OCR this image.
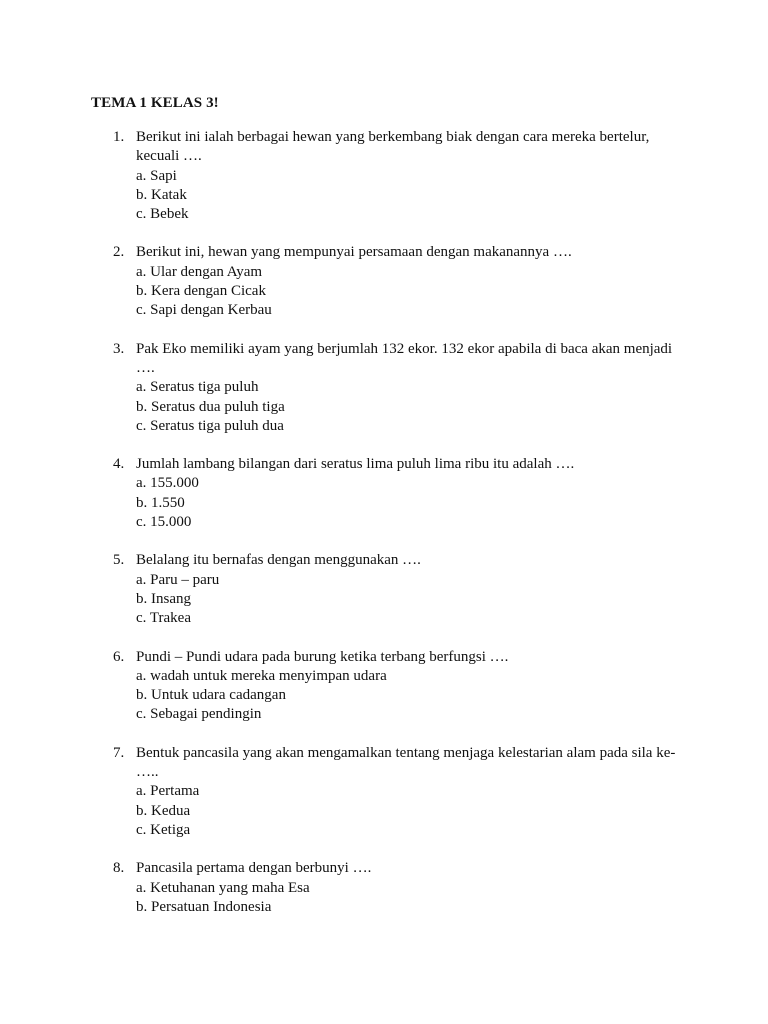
TEMA 1 KELAS 3!
1. Berikut ini ialah berbagai hewan yang berkembang biak dengan cara mereka bertelur, kecuali ….
a. Sapi
b. Katak
c. Bebek
2. Berikut ini, hewan yang mempunyai persamaan dengan makanannya ….
a. Ular dengan Ayam
b. Kera dengan Cicak
c. Sapi dengan Kerbau
3. Pak Eko memiliki ayam yang berjumlah 132 ekor. 132 ekor apabila di baca akan menjadi ….
a. Seratus tiga puluh
b. Seratus dua puluh tiga
c. Seratus tiga puluh dua
4. Jumlah lambang bilangan dari seratus lima puluh lima ribu itu adalah ….
a. 155.000
b. 1.550
c. 15.000
5. Belalang itu bernafas dengan menggunakan ….
a. Paru – paru
b. Insang
c. Trakea
6. Pundi – Pundi udara pada burung ketika terbang berfungsi ….
a. wadah untuk mereka menyimpan udara
b. Untuk udara cadangan
c. Sebagai pendingin
7. Bentuk pancasila yang akan mengamalkan tentang menjaga kelestarian alam pada sila ke- …..
a. Pertama
b. Kedua
c. Ketiga
8. Pancasila pertama dengan berbunyi ….
a. Ketuhanan yang maha Esa
b. Persatuan Indonesia
